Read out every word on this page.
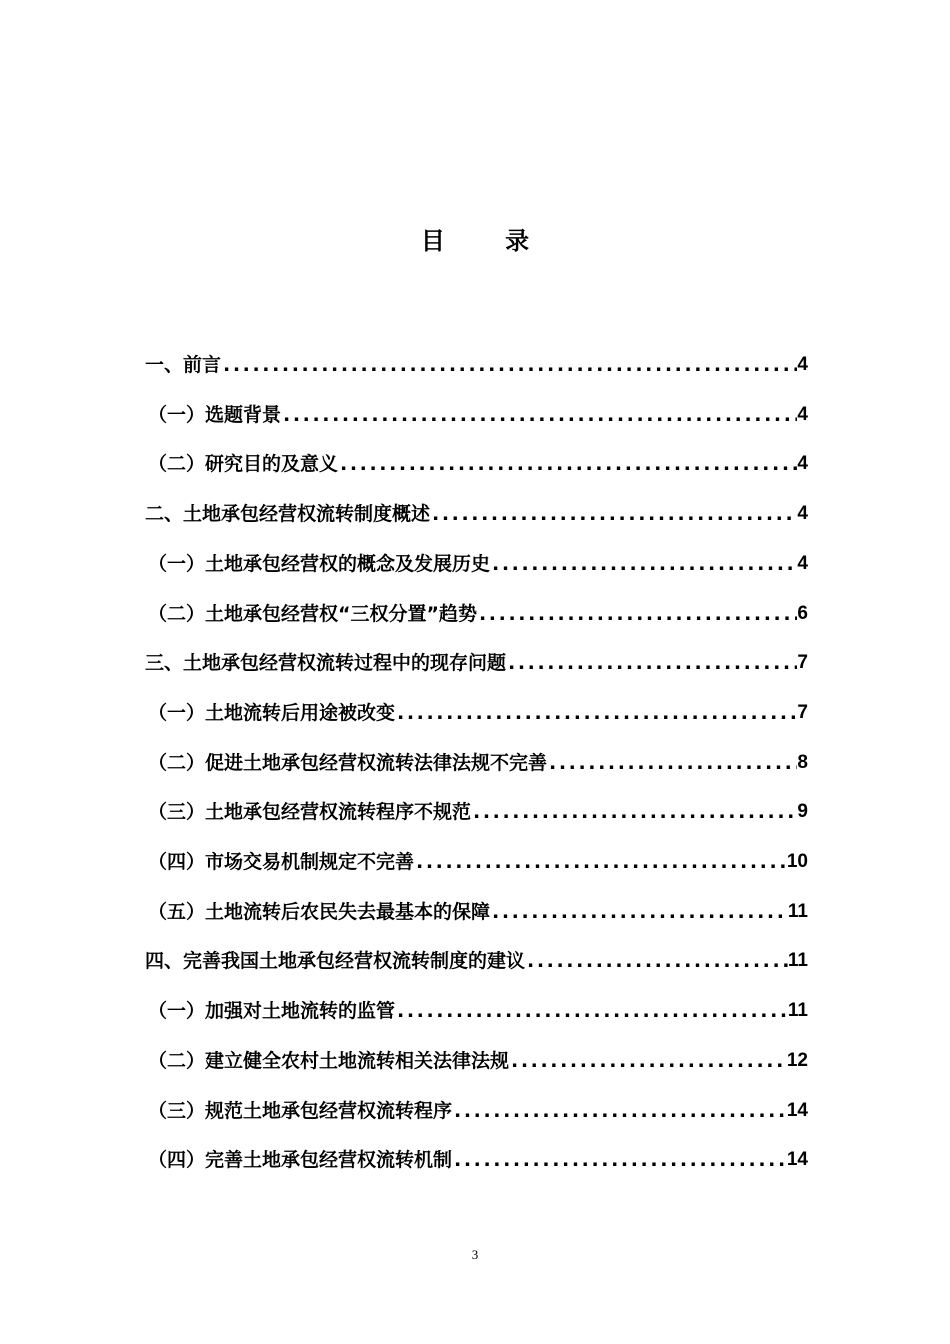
目 录
一、前言 .....	4
（一）选题背景 .....	4
（二）研究目的及意义 .....	4
二、土地承包经营权流转制度概述 .....	4
（一）土地承包经营权的概念及发展历史 .....	4
（二）土地承包经营权“三权分置”趋势 .....	6
三、土地承包经营权流转过程中的现存问题 .....	7
（一）土地流转后用途被改变 .....	7
（二）促进土地承包经营权流转法律法规不完善 .....	8
（三）土地承包经营权流转程序不规范 .....	9
（四）市场交易机制规定不完善 .....	10
（五）土地流转后农民失去最基本的保障 .....	11
四、完善我国土地承包经营权流转制度的建议 .....	11
（一）加强对土地流转的监管 .....	11
（二）建立健全农村土地流转相关法律法规 .....	12
（三）规范土地承包经营权流转程序 .....	14
（四）完善土地承包经营权流转机制 .....	14
3
